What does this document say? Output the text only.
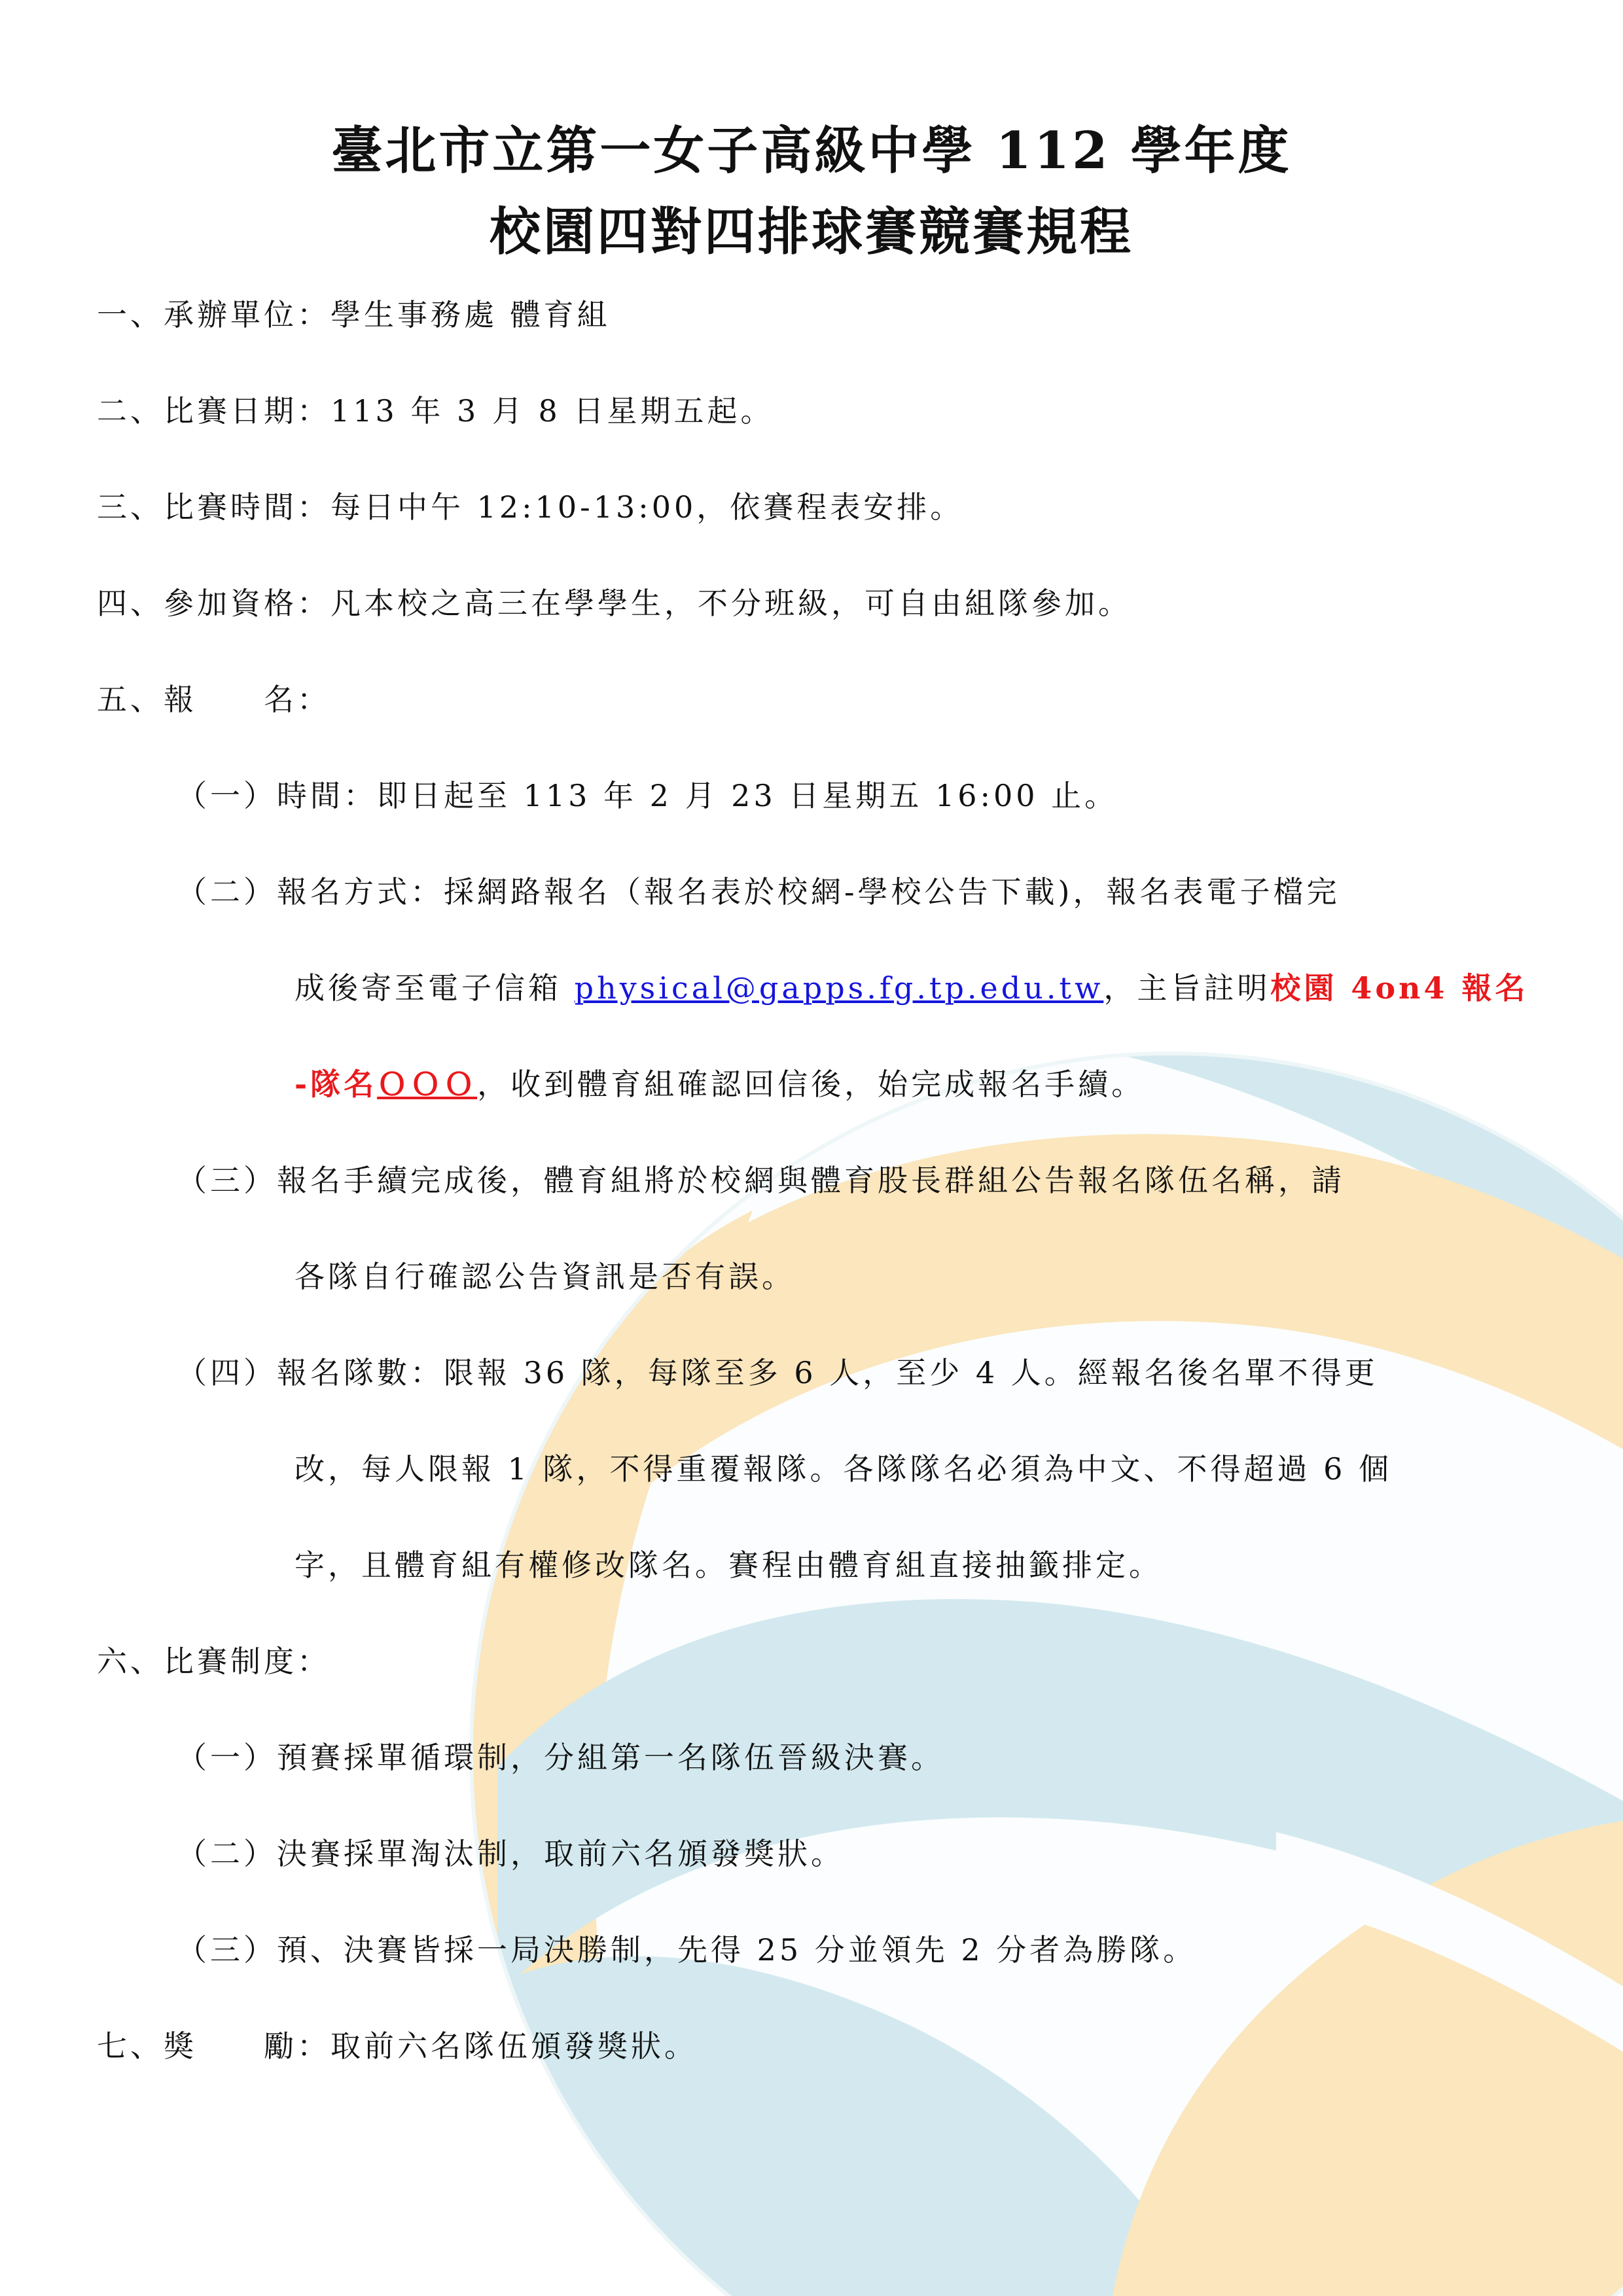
臺北市立第一女子高級中學 112 學年度
校園四對四排球賽競賽規程
一、承辦單位：學生事務處 體育組
二、比賽日期：113 年 3 月 8 日星期五起。
三、比賽時間：每日中午 12:10-13:00，依賽程表安排。
四、參加資格：凡本校之高三在學學生，不分班級，可自由組隊參加。
五、報　　名：
（一）時間：即日起至 113 年 2 月 23 日星期五 16:00 止。
（二）報名方式：採網路報名（報名表於校網-學校公告下載)，報名表電子檔完
成後寄至電子信箱 physical@gapps.fg.tp.edu.tw，主旨註明校園 4on4 報名
-隊名ＯＯＯ，收到體育組確認回信後，始完成報名手續。
（三）報名手續完成後，體育組將於校網與體育股長群組公告報名隊伍名稱，請
各隊自行確認公告資訊是否有誤。
（四）報名隊數：限報 36 隊，每隊至多 6 人，至少 4 人。經報名後名單不得更
改，每人限報 1 隊，不得重覆報隊。各隊隊名必須為中文、不得超過 6 個
字，且體育組有權修改隊名。賽程由體育組直接抽籤排定。
六、比賽制度：
（一）預賽採單循環制，分組第一名隊伍晉級決賽。
（二）決賽採單淘汰制，取前六名頒發獎狀。
（三）預、決賽皆採一局決勝制，先得 25 分並領先 2 分者為勝隊。
七、獎　　勵：取前六名隊伍頒發獎狀。
